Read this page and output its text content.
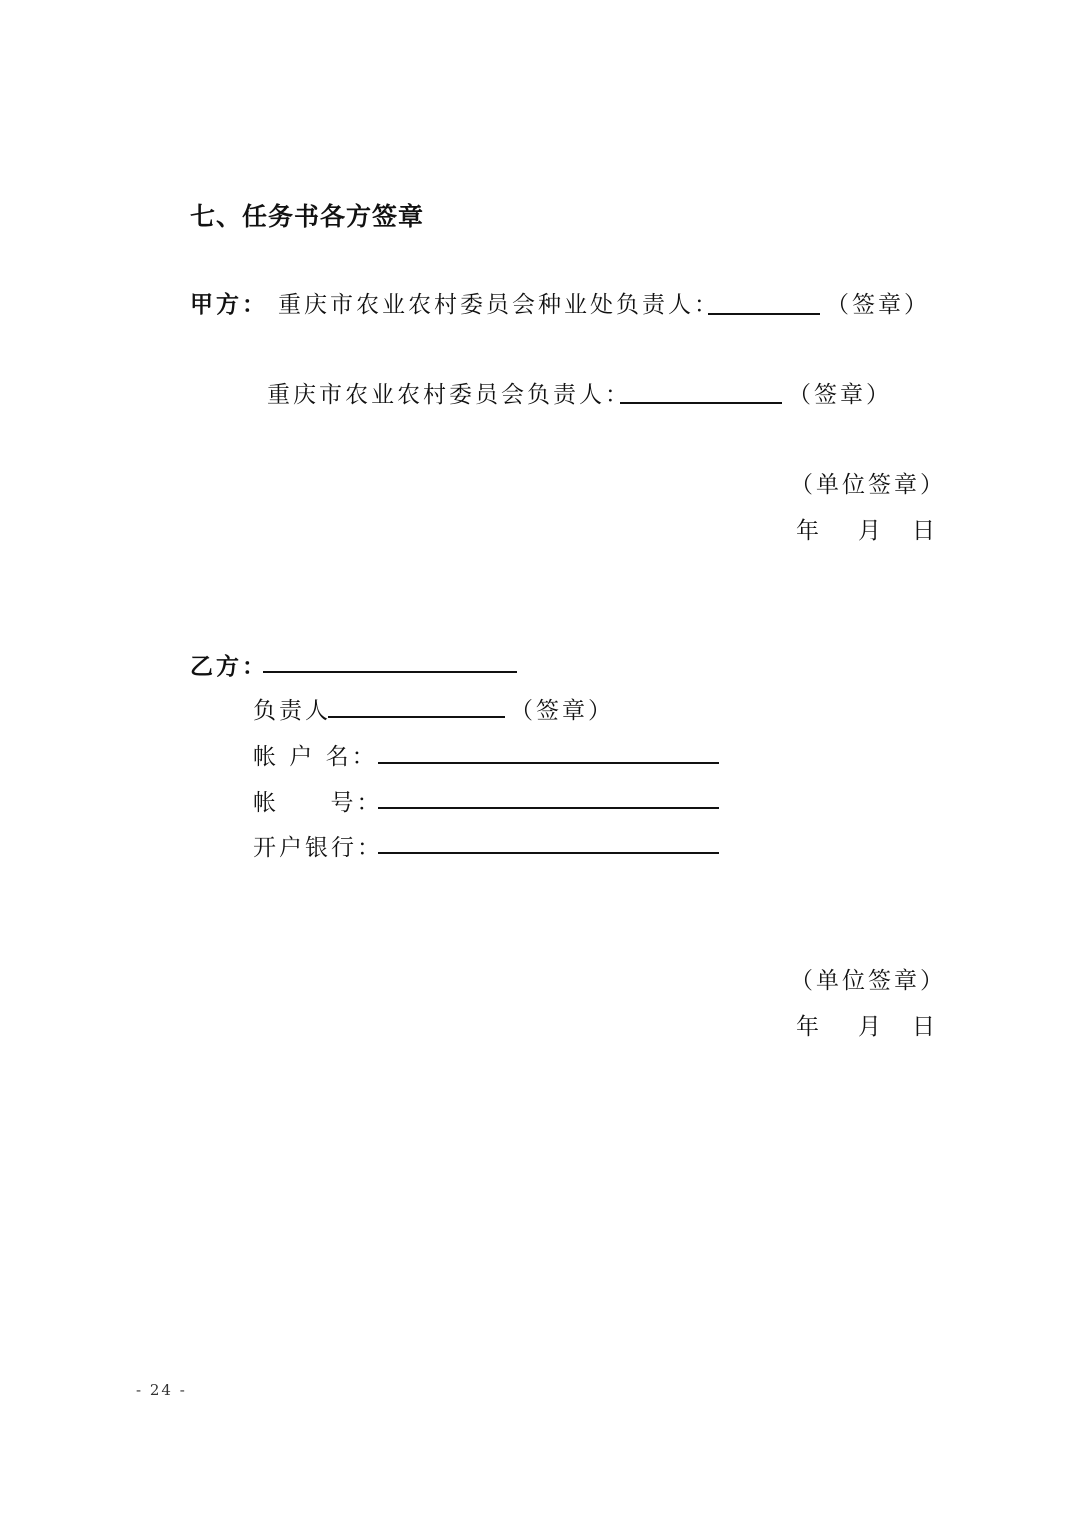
七、任务书各方签章
甲方： 重庆市农业农村委员会种业处负责人：	（签章）
重庆市农业农村委员会负责人：	（签章）
（单位签章）
年 月 日
乙方：
负责人	（签章）
帐 户 名：
帐     号：
开户银行：
（单位签章）
年 月 日
- 24 -
